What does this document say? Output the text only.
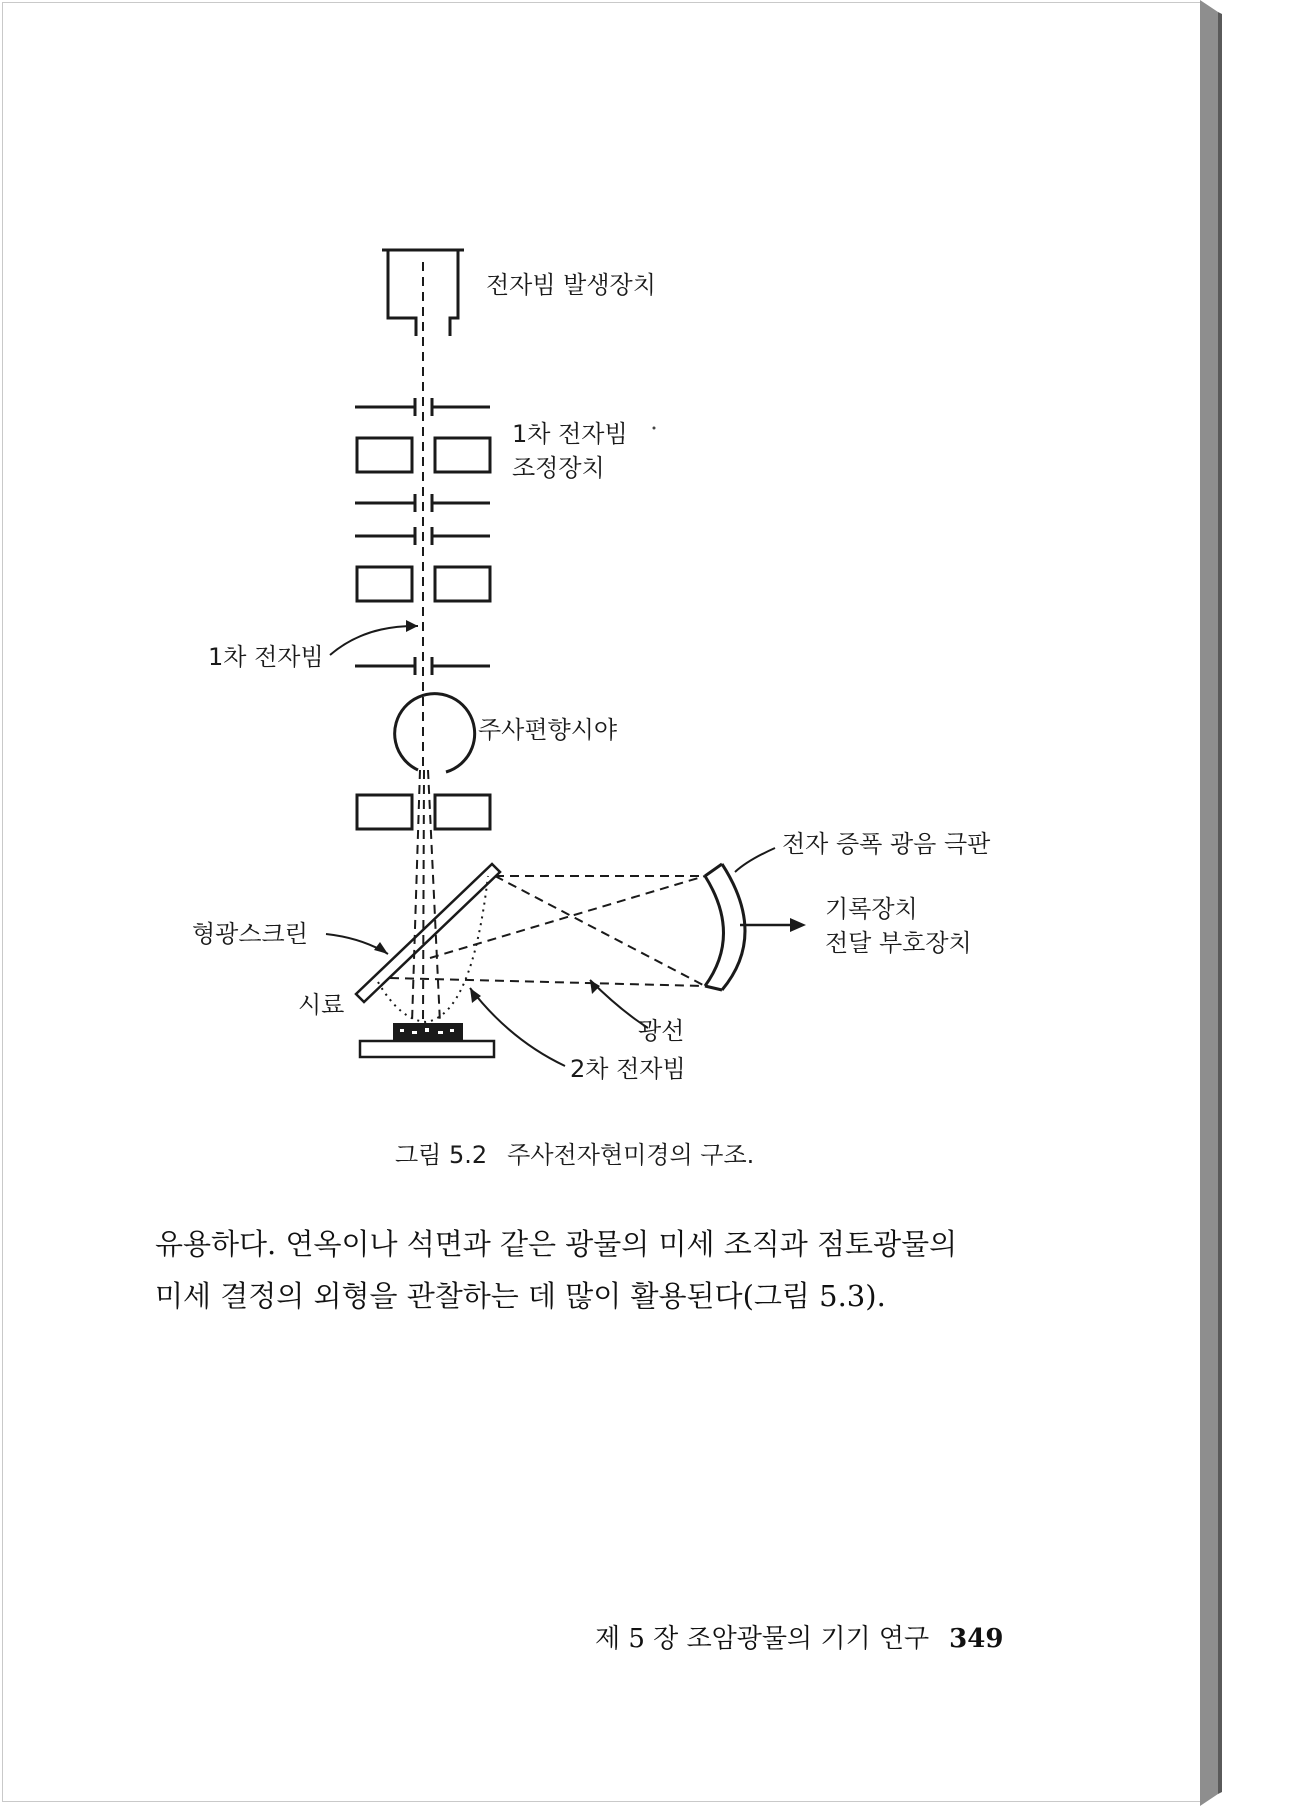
전자빔 발생장치
1차 전자빔
조정장치
1차 전자빔
주사편향시야
전자 증폭 광음 극판
기록장치
전달 부호장치
형광스크린
시료
광선
2차 전자빔
그림 5.2 주사전자현미경의 구조.
유용하다. 연옥이나 석면과 같은 광물의 미세 조직과 점토광물의
미세 결정의 외형을 관찰하는 데 많이 활용된다(그림 5.3).
제 5 장 조암광물의 기기 연구 349
